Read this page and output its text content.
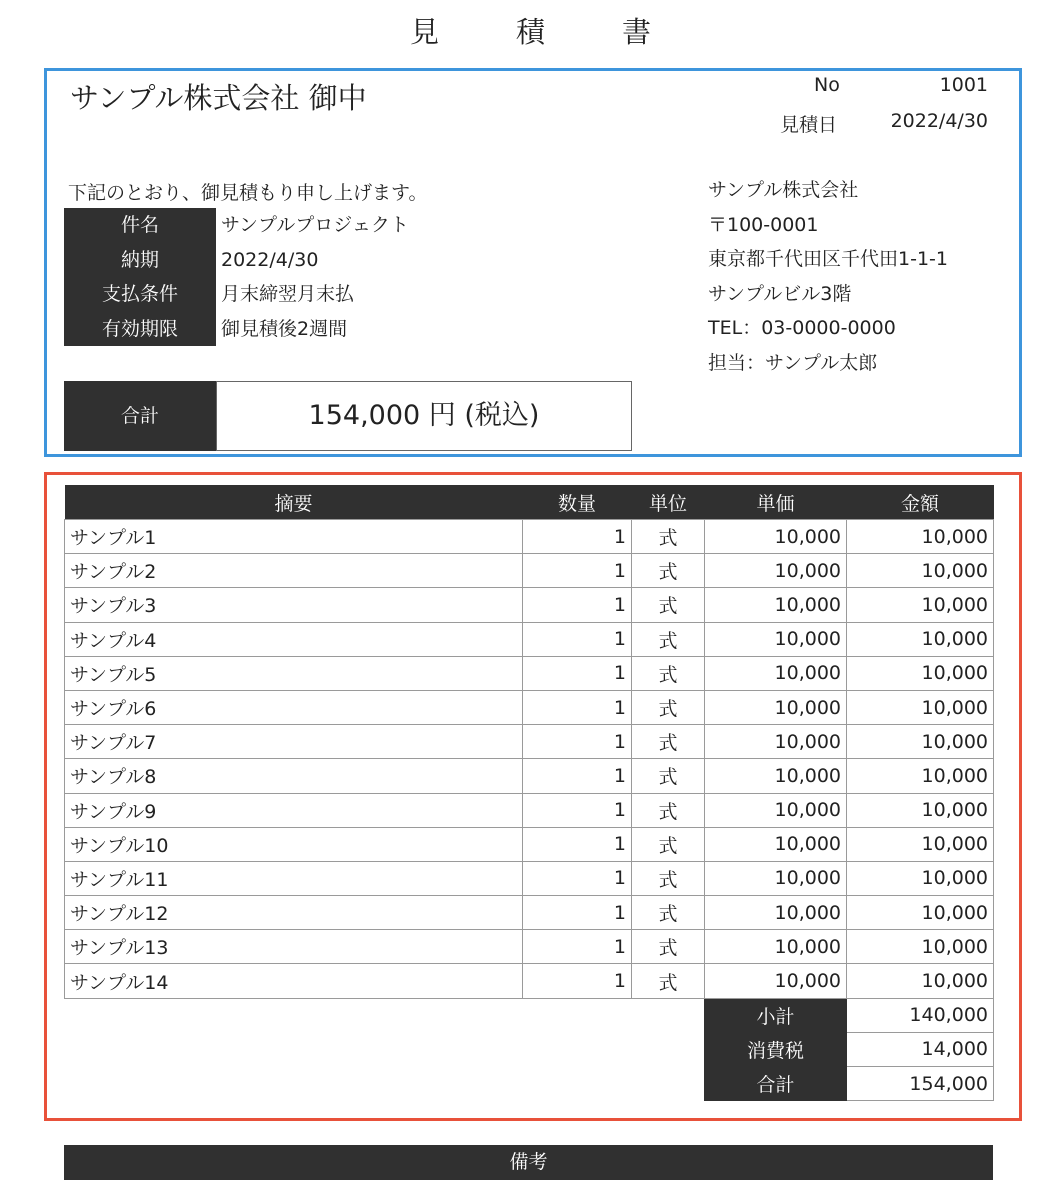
見　積　書
サンプル株式会社 御中	No	1001
見積日	2022/4/30
下記のとおり、御見積もり申し上げます。
件名	サンプルプロジェクト
納期	2022/4/30
支払条件	月末締翌月末払
有効期限	御見積後2週間
サンプル株式会社
〒100-0001
東京都千代田区千代田1-1-1
サンプルビル3階
TEL：03-0000-0000
担当：サンプル太郎
合計	154,000 円 (税込)
摘要	数量	単位	単価	金額
サンプル1	1	式	10,000	10,000
サンプル2	1	式	10,000	10,000
サンプル3	1	式	10,000	10,000
サンプル4	1	式	10,000	10,000
サンプル5	1	式	10,000	10,000
サンプル6	1	式	10,000	10,000
サンプル7	1	式	10,000	10,000
サンプル8	1	式	10,000	10,000
サンプル9	1	式	10,000	10,000
サンプル10	1	式	10,000	10,000
サンプル11	1	式	10,000	10,000
サンプル12	1	式	10,000	10,000
サンプル13	1	式	10,000	10,000
サンプル14	1	式	10,000	10,000
			小計	140,000
			消費税	14,000
			合計	154,000
備考
